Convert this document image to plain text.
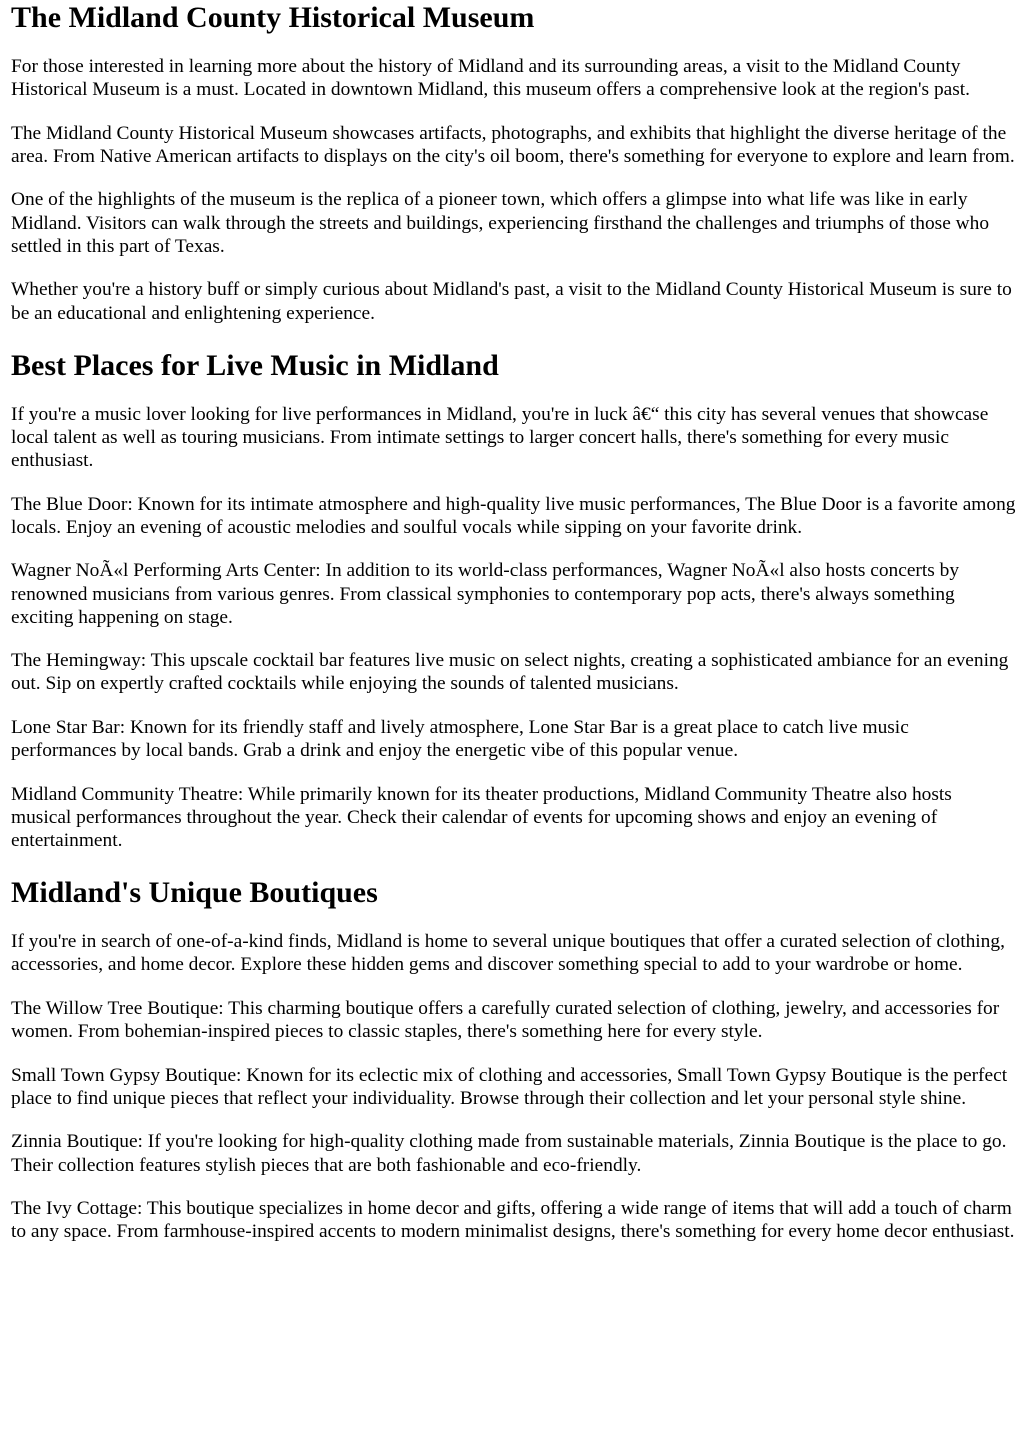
The Midland County Historical Museum

For those interested in learning more about the history of Midland and its surrounding areas, a visit to the Midland County Historical Museum is a must. Located in downtown Midland, this museum offers a comprehensive look at the region's past.

The Midland County Historical Museum showcases artifacts, photographs, and exhibits that highlight the diverse heritage of the area. From Native American artifacts to displays on the city's oil boom, there's something for everyone to explore and learn from.

One of the highlights of the museum is the replica of a pioneer town, which offers a glimpse into what life was like in early Midland. Visitors can walk through the streets and buildings, experiencing firsthand the challenges and triumphs of those who settled in this part of Texas.

Whether you're a history buff or simply curious about Midland's past, a visit to the Midland County Historical Museum is sure to be an educational and enlightening experience.

Best Places for Live Music in Midland

If you're a music lover looking for live performances in Midland, you're in luck â€“ this city has several venues that showcase local talent as well as touring musicians. From intimate settings to larger concert halls, there's something for every music enthusiast.

The Blue Door: Known for its intimate atmosphere and high-quality live music performances, The Blue Door is a favorite among locals. Enjoy an evening of acoustic melodies and soulful vocals while sipping on your favorite drink.

Wagner NoÃ«l Performing Arts Center: In addition to its world-class performances, Wagner NoÃ«l also hosts concerts by renowned musicians from various genres. From classical symphonies to contemporary pop acts, there's always something exciting happening on stage.

The Hemingway: This upscale cocktail bar features live music on select nights, creating a sophisticated ambiance for an evening out. Sip on expertly crafted cocktails while enjoying the sounds of talented musicians.

Lone Star Bar: Known for its friendly staff and lively atmosphere, Lone Star Bar is a great place to catch live music performances by local bands. Grab a drink and enjoy the energetic vibe of this popular venue.

Midland Community Theatre: While primarily known for its theater productions, Midland Community Theatre also hosts musical performances throughout the year. Check their calendar of events for upcoming shows and enjoy an evening of entertainment.

Midland's Unique Boutiques

If you're in search of one-of-a-kind finds, Midland is home to several unique boutiques that offer a curated selection of clothing, accessories, and home decor. Explore these hidden gems and discover something special to add to your wardrobe or home.

The Willow Tree Boutique: This charming boutique offers a carefully curated selection of clothing, jewelry, and accessories for women. From bohemian-inspired pieces to classic staples, there's something here for every style.

Small Town Gypsy Boutique: Known for its eclectic mix of clothing and accessories, Small Town Gypsy Boutique is the perfect place to find unique pieces that reflect your individuality. Browse through their collection and let your personal style shine.

Zinnia Boutique: If you're looking for high-quality clothing made from sustainable materials, Zinnia Boutique is the place to go. Their collection features stylish pieces that are both fashionable and eco-friendly.

The Ivy Cottage: This boutique specializes in home decor and gifts, offering a wide range of items that will add a touch of charm to any space. From farmhouse-inspired accents to modern minimalist designs, there's something for every home decor enthusiast.
